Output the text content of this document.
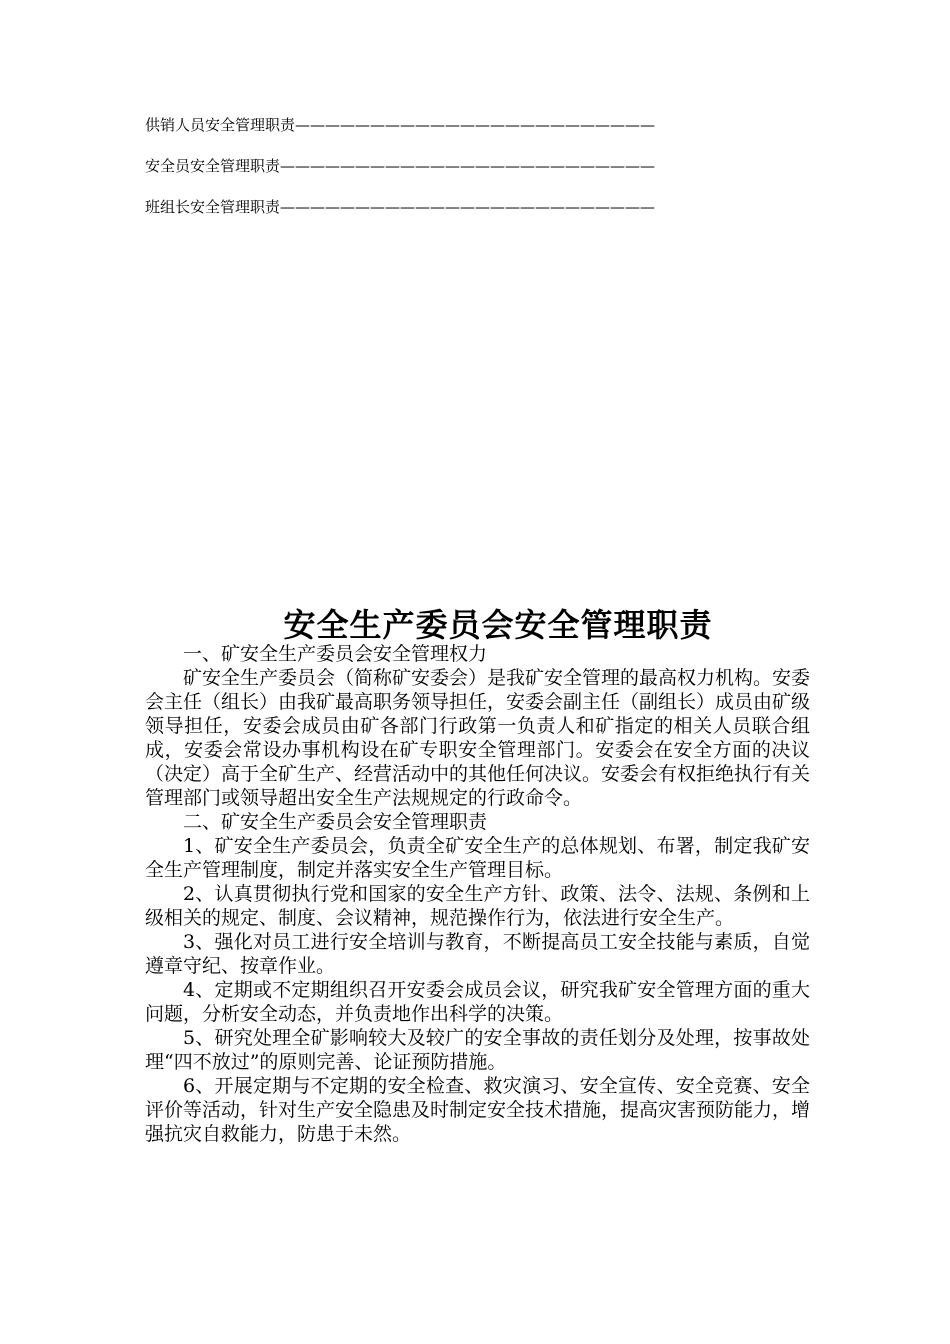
供销人员安全管理职责————————————————————————
安全员安全管理职责—————————————————————————
班组长安全管理职责—————————————————————————
安全生产委员会安全管理职责

一、矿安全生产委员会安全管理权力

矿安全生产委员会（简称矿安委会）是我矿安全管理的最高权力机构。安委会主任（组长）由我矿最高职务领导担任，安委会副主任（副组长）成员由矿级领导担任，安委会成员由矿各部门行政第一负责人和矿指定的相关人员联合组成，安委会常设办事机构设在矿专职安全管理部门。安委会在安全方面的决议（决定）高于全矿生产、经营活动中的其他任何决议。安委会有权拒绝执行有关管理部门或领导超出安全生产法规规定的行政命令。

二、矿安全生产委员会安全管理职责

1、矿安全生产委员会，负责全矿安全生产的总体规划、布署，制定我矿安全生产管理制度，制定并落实安全生产管理目标。

2、认真贯彻执行党和国家的安全生产方针、政策、法令、法规、条例和上级相关的规定、制度、会议精神，规范操作行为，依法进行安全生产。

3、强化对员工进行安全培训与教育，不断提高员工安全技能与素质，自觉遵章守纪、按章作业。

4、定期或不定期组织召开安委会成员会议，研究我矿安全管理方面的重大问题，分析安全动态，并负责地作出科学的决策。

5、研究处理全矿影响较大及较广的安全事故的责任划分及处理，按事故处理“四不放过”的原则完善、论证预防措施。

6、开展定期与不定期的安全检查、救灾演习、安全宣传、安全竞赛、安全评价等活动，针对生产安全隐患及时制定安全技术措施，提高灾害预防能力，增强抗灾自救能力，防患于未然。
